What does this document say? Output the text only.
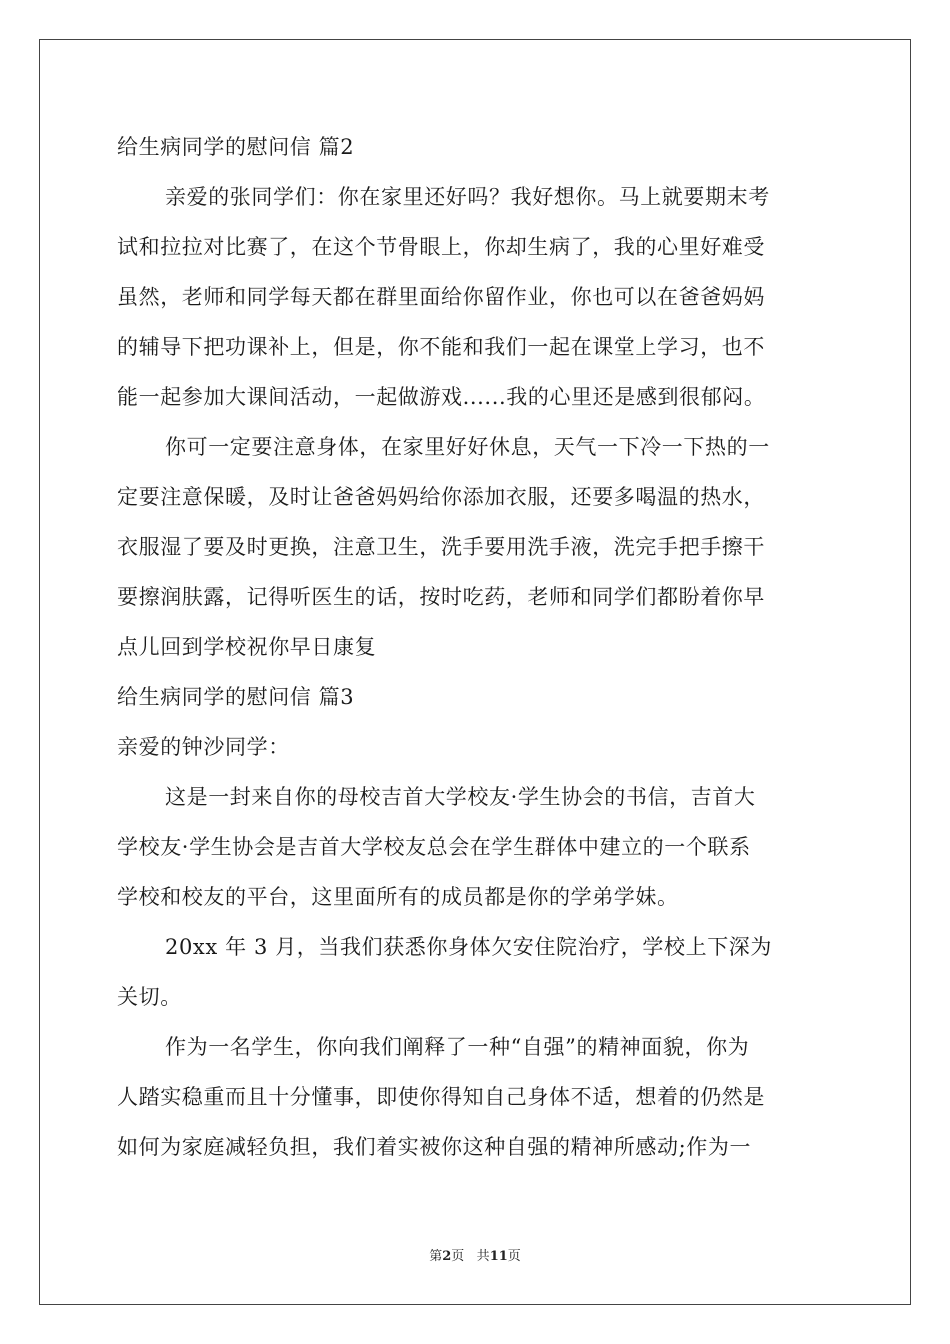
给生病同学的慰问信 篇2
亲爱的张同学们：你在家里还好吗？我好想你。马上就要期末考
试和拉拉对比赛了，在这个节骨眼上，你却生病了，我的心里好难受
虽然，老师和同学每天都在群里面给你留作业，你也可以在爸爸妈妈
的辅导下把功课补上，但是，你不能和我们一起在课堂上学习，也不
能一起参加大课间活动，一起做游戏......我的心里还是感到很郁闷。
你可一定要注意身体，在家里好好休息，天气一下冷一下热的一
定要注意保暖，及时让爸爸妈妈给你添加衣服，还要多喝温的热水，
衣服湿了要及时更换，注意卫生，洗手要用洗手液，洗完手把手擦干
要擦润肤露，记得听医生的话，按时吃药，老师和同学们都盼着你早
点儿回到学校祝你早日康复
给生病同学的慰问信 篇3
亲爱的钟沙同学：
这是一封来自你的母校吉首大学校友·学生协会的书信，吉首大
学校友·学生协会是吉首大学校友总会在学生群体中建立的一个联系
学校和校友的平台，这里面所有的成员都是你的学弟学妹。
20xx 年 3 月，当我们获悉你身体欠安住院治疗，学校上下深为
关切。
作为一名学生，你向我们阐释了一种“自强”的精神面貌，你为
人踏实稳重而且十分懂事，即使你得知自己身体不适，想着的仍然是
如何为家庭减轻负担，我们着实被你这种自强的精神所感动;作为一
第2页 共11页
